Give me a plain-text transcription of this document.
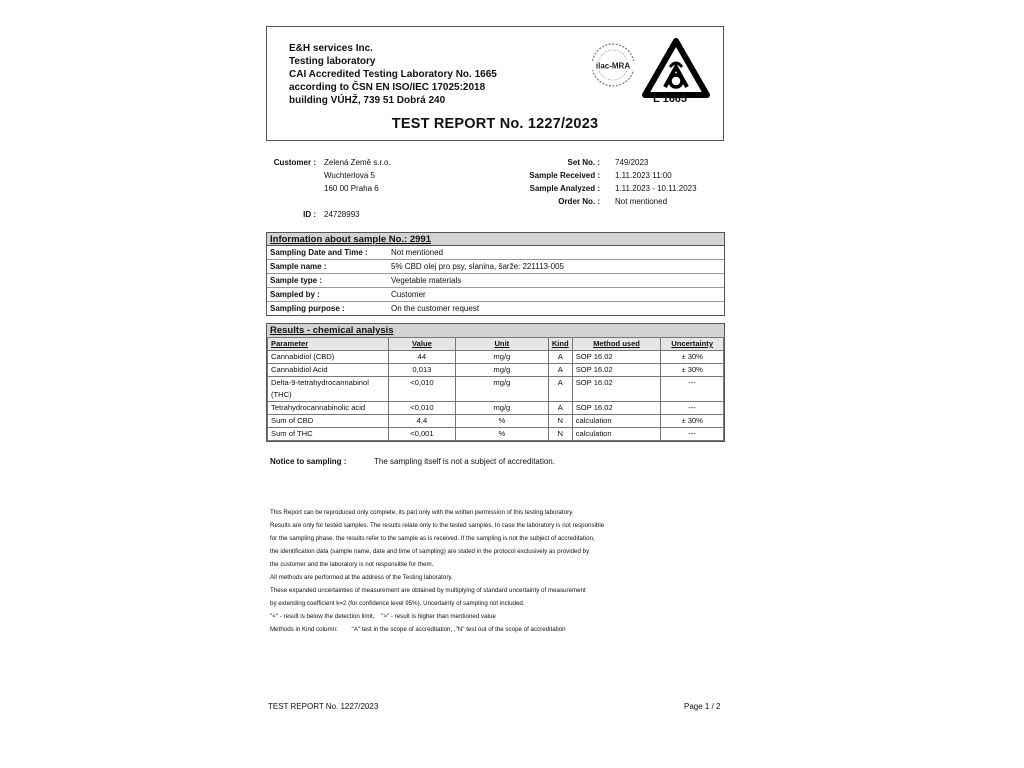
E&H services Inc.
Testing laboratory
CAI Accredited Testing Laboratory No. 1665
according to ČSN EN ISO/IEC 17025:2018
building VÚHŽ, 739 51 Dobrá 240
ilac-MRA
L 1665
TEST REPORT No. 1227/2023
Customer : Zelená Země s.r.o.
Wuchterlova 5
160 00 Praha 6
ID : 24728993
Set No. : 749/2023
Sample Received : 1.11.2023 11:00
Sample Analyzed : 1.11.2023 - 10.11.2023
Order No. : Not mentioned
Information about sample No.: 2991
Sampling Date and Time :	Not mentioned
Sample name :	5% CBD olej pro psy, slanina, šarže: 221113-005
Sample type :	Vegetable materials
Sampled by :	Customer
Sampling purpose :	On the customer request
Results - chemical analysis
Parameter	Value	Unit	Kind	Method used	Uncertainty
Cannabidiol (CBD)	44	mg/g	A	SOP 16.02	± 30%
Cannabidiol Acid	0,013	mg/g	A	SOP 16.02	± 30%
Delta-9-tetrahydrocannabinol (THC)	<0,010	mg/g	A	SOP 16.02	---
Tetrahydrocannabinolic acid	<0,010	mg/g	A	SOP 16.02	---
Sum of CBD	4,4	%	N	calculation	± 30%
Sum of THC	<0,001	%	N	calculation	---
Notice to sampling :	The sampling itself is not a subject of accreditation.
This Report can be reproduced only complete, its part only with the written permission of this testing laboratory.
Results are only for tested samples. The results relate only to the tested samples. In case the laboratory is not responsible
for the sampling phase, the results refer to the sample as is received. If the sampling is not the subject of accreditation,
the identification data (sample name, date and time of sampling) are stated in the protocol exclusively as provided by
the customer and the laboratory is not responsible for them.
All methods are performed at the address of the Testing laboratory.
These expanded uncertainties of measurement are obtained by multiplying of standard uncertainty of measurement
by extending coefficient k=2 (for confidence level 95%). Uncertainty of sampling not included.
"<" - result is below the detection limit,    ">" - result is higher than mentioned value
Methods in Kind column:        "A" test in the scope of accreditation, ,"N" test out of the scope of accreditation
TEST REPORT No. 1227/2023	Page 1 / 2
